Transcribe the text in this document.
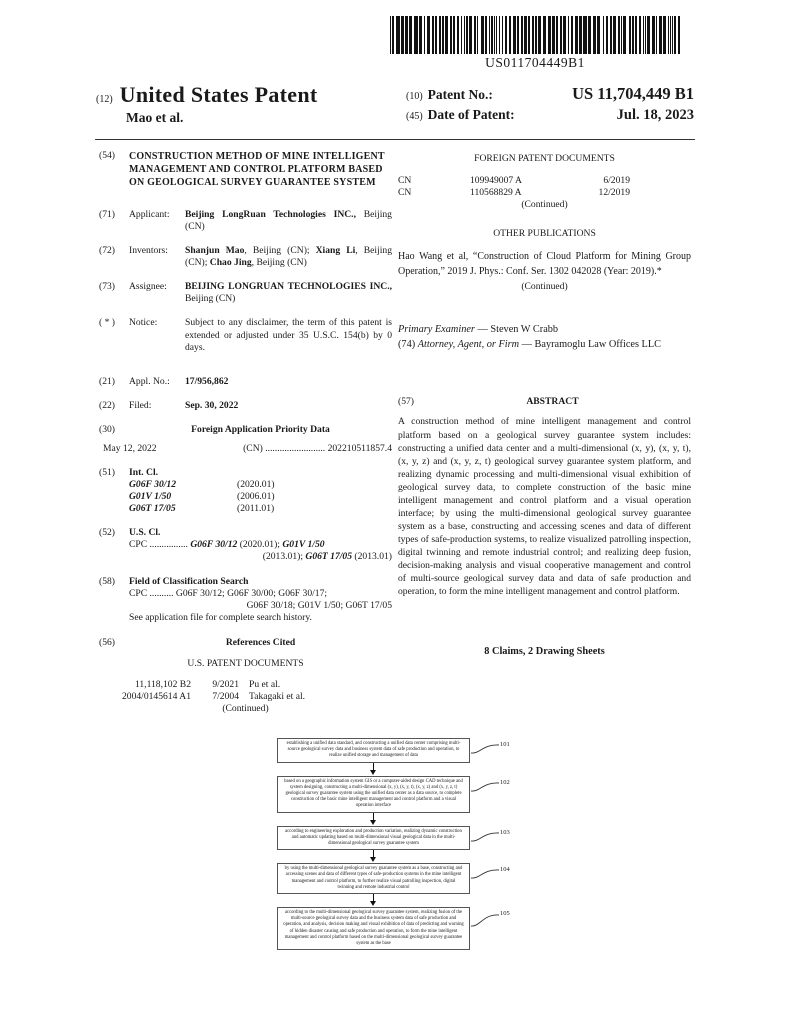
US011704449B1
(12) United States Patent
Mao et al.
(10) Patent No.:	US 11,704,449 B1
(45) Date of Patent:	Jul. 18, 2023
(54)	CONSTRUCTION METHOD OF MINE INTELLIGENT MANAGEMENT AND CONTROL PLATFORM BASED ON GEOLOGICAL SURVEY GUARANTEE SYSTEM
(71)	Applicant:	Beijing LongRuan Technologies INC., Beijing (CN)
(72)	Inventors:	Shanjun Mao, Beijing (CN); Xiang Li, Beijing (CN); Chao Jing, Beijing (CN)
(73)	Assignee:	BEIJING LONGRUAN TECHNOLOGIES INC., Beijing (CN)
( * )	Notice:	Subject to any disclaimer, the term of this patent is extended or adjusted under 35 U.S.C. 154(b) by 0 days.
(21)	Appl. No.:	17/956,862
(22)	Filed:	Sep. 30, 2022
(30)	Foreign Application Priority Data
May 12, 2022	(CN) ......................... 202210511857.4
(51)	Int. Cl.
G06F 30/12	(2020.01)
G01V 1/50	(2006.01)
G06T 17/05	(2011.01)
(52)	U.S. Cl.
CPC ................ G06F 30/12 (2020.01); G01V 1/50
(2013.01); G06T 17/05 (2013.01)
(58)	Field of Classification Search
CPC .......... G06F 30/12; G06F 30/00; G06F 30/17;
G06F 30/18; G01V 1/50; G06T 17/05
See application file for complete search history.
(56)	References Cited
U.S. PATENT DOCUMENTS
11,118,102 B2	9/2021	Pu et al.
2004/0145614 A1	7/2004	Takagaki et al.
(Continued)
FOREIGN PATENT DOCUMENTS
CN	109949007 A	6/2019
CN	110568829 A	12/2019
(Continued)
OTHER PUBLICATIONS
Hao Wang et al, “Construction of Cloud Platform for Mining Group Operation,” 2019 J. Phys.: Conf. Ser. 1302 042028 (Year: 2019).*
(Continued)
Primary Examiner — Steven W Crabb
(74) Attorney, Agent, or Firm — Bayramoglu Law Offices LLC
(57)	ABSTRACT
A construction method of mine intelligent management and control platform based on a geological survey guarantee system includes: constructing a unified data center and a multi-dimensional (x, y), (x, y, t), (x, y, z) and (x, y, z, t) geological survey guarantee system platform, and realizing dynamic processing and multi-dimensional visual exhibition of geological survey data, to complete construction of the basic mine intelligent management and control platform and a visual operation interface; by using the multi-dimensional geological survey guarantee system as a base, constructing and accessing scenes and data of different types of safe-production systems, to realize visualized patrolling inspection, digital twinning and remote industrial control; and realizing deep fusion, decision-making analysis and visual cooperative management and control of multi-source geological survey data and data of safe production and operation, to form the mine intelligent management and control platform.
8 Claims, 2 Drawing Sheets
establishing a unified data standard, and constructing a unified data center comprising multi-source geological survey data and business system data of safe production and operation, to realize unified storage and management of data
101
based on a geographic information system GIS or a computer-aided design CAD technique and system designing, constructing a multi-dimensional (x, y), (x, y, t), (x, y, z) and (x, y, z, t) geological survey guarantee system using the unified data center as a data source, to complete construction of the basic mine intelligent management and control platform and a visual operation interface
102
according to engineering exploration and production variation, realizing dynamic construction and automatic updating based on multi-dimensional visual geological data in the multi-dimensional geological survey guarantee system
103
by using the multi-dimensional geological survey guarantee system as a base, constructing and accessing scenes and data of different types of safe-production systems in the mine intelligent management and control platform, to further realize visual patrolling inspection, digital twinning and remote industrial control
104
according to the multi-dimensional geological survey guarantee system, realizing fusion of the multi-source geological survey data and the business system data of safe production and operation, and analysis, decision making and visual exhibition of data of predicting and warning of hidden disaster causing and safe production and operation, to form the mine intelligent management and control platform based on the multi-dimensional geological survey guarantee system as the base
105
